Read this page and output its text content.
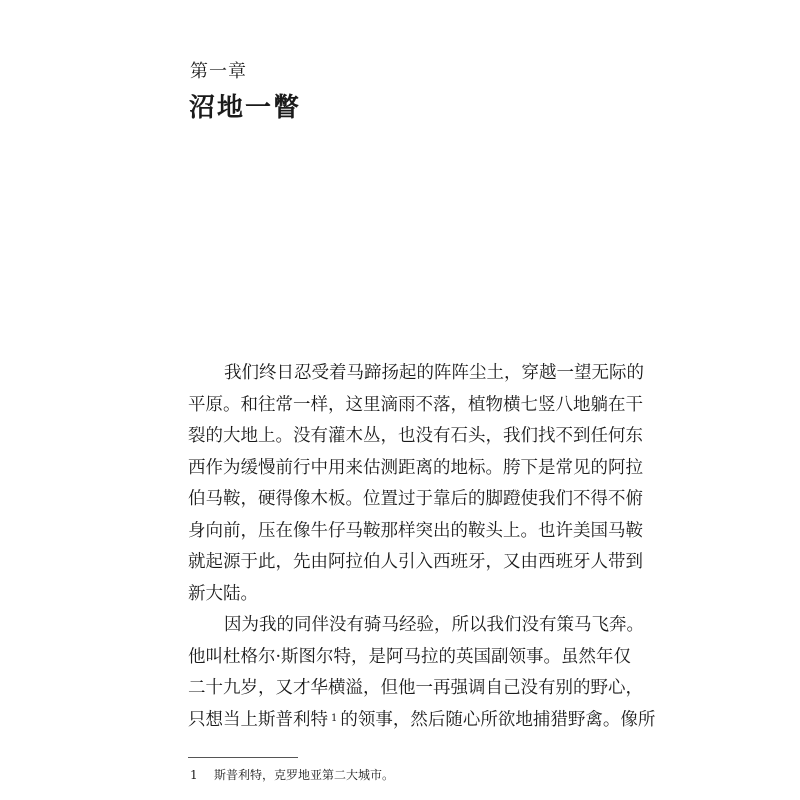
第一章
沼地一瞥
我们终日忍受着马蹄扬起的阵阵尘土，穿越一望无际的
平原。和往常一样，这里滴雨不落，植物横七竖八地躺在干
裂的大地上。没有灌木丛，也没有石头，我们找不到任何东
西作为缓慢前行中用来估测距离的地标。胯下是常见的阿拉
伯马鞍，硬得像木板。位置过于靠后的脚蹬使我们不得不俯
身向前，压在像牛仔马鞍那样突出的鞍头上。也许美国马鞍
就起源于此，先由阿拉伯人引入西班牙，又由西班牙人带到
新大陆。
因为我的同伴没有骑马经验，所以我们没有策马飞奔。
他叫杜格尔·斯图尔特，是阿马拉的英国副领事。虽然年仅
二十九岁，又才华横溢，但他一再强调自己没有别的野心，
只想当上斯普利特 $^1$ 的领事，然后随心所欲地捕猎野禽。像所
1 斯普利特，克罗地亚第二大城市。
